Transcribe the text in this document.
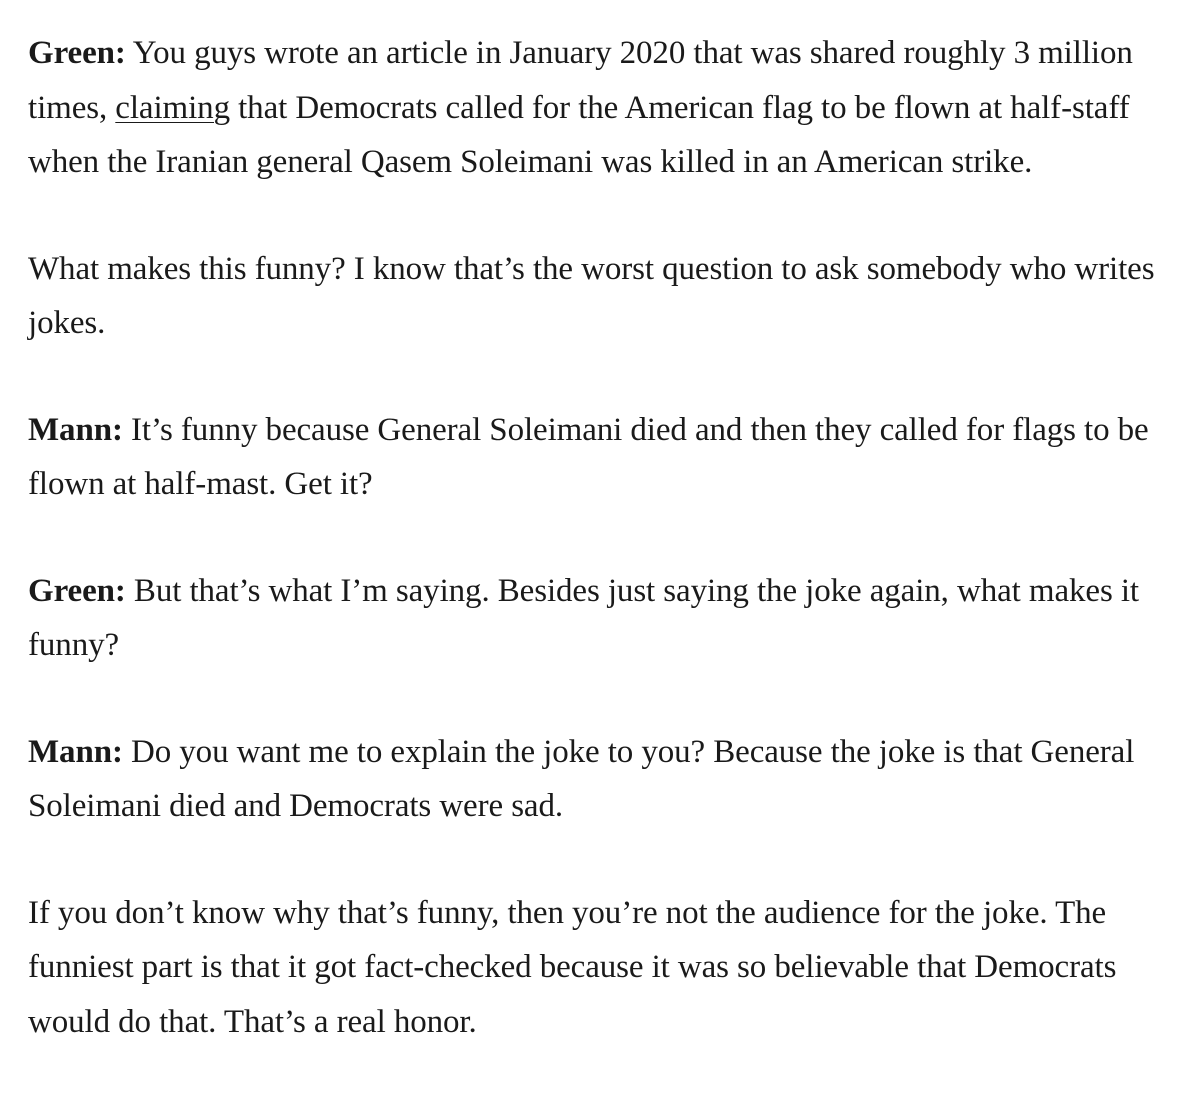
Green: You guys wrote an article in January 2020 that was shared roughly 3 million times, claiming that Democrats called for the American flag to be flown at half-staff when the Iranian general Qasem Soleimani was killed in an American strike.

What makes this funny? I know that’s the worst question to ask somebody who writes jokes.

Mann: It’s funny because General Soleimani died and then they called for flags to be flown at half-mast. Get it?

Green: But that’s what I’m saying. Besides just saying the joke again, what makes it funny?

Mann: Do you want me to explain the joke to you? Because the joke is that General Soleimani died and Democrats were sad.

If you don’t know why that’s funny, then you’re not the audience for the joke. The funniest part is that it got fact-checked because it was so believable that Democrats would do that. That’s a real honor.
